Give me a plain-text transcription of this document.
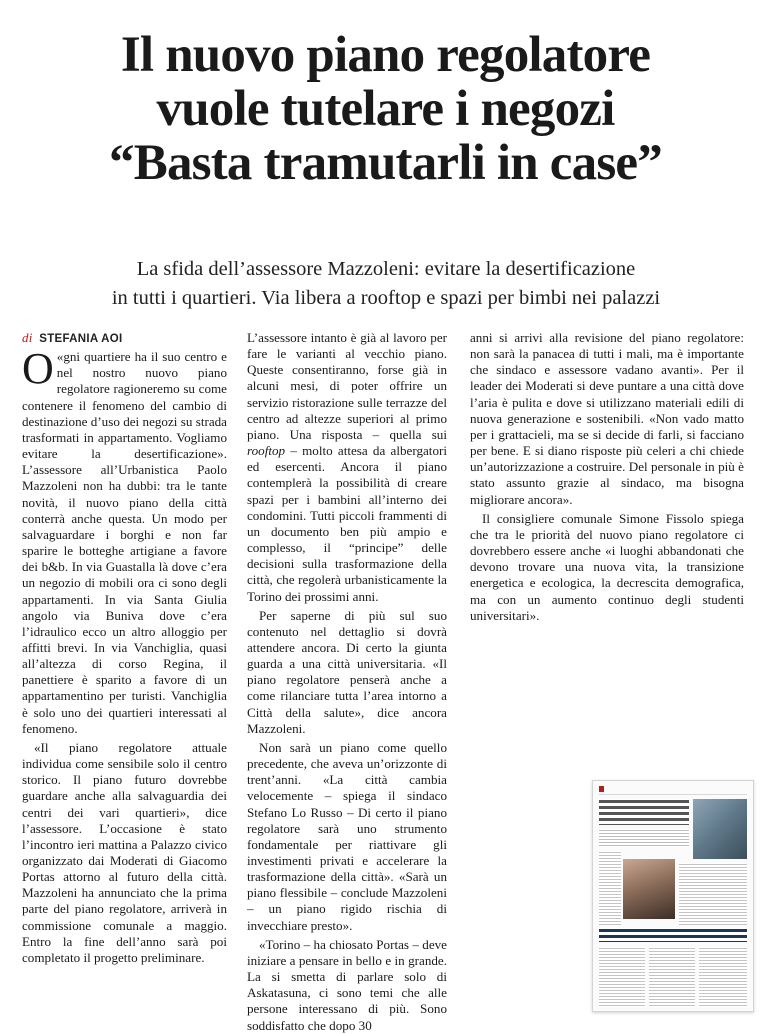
Il nuovo piano regolatore
vuole tutelare i negozi
“Basta tramutarli in case”
La sfida dell’assessore Mazzoleni: evitare la desertificazione
in tutti i quartieri. Via libera a rooftop e spazi per bimbi nei palazzi
di STEFANIA AOI

«
O gni quartiere ha il suo centro e nel nostro nuovo piano regolatore ragioneremo su come contenere il fenomeno del cambio di destinazione d’uso dei negozi su strada trasformati in appartamento. Vogliamo evitare la desertificazione». L’assessore all’Urbanistica Paolo Mazzoleni non ha dubbi: tra le tante novità, il nuovo piano della città conterrà anche questa. Un modo per salvaguardare i borghi e non far sparire le botteghe artigiane a favore dei b&b. In via Guastalla là dove c’era un negozio di mobili ora ci sono degli appartamenti. In via Santa Giulia angolo via Buniva dove c’era l’idraulico ecco un altro alloggio per affitti brevi. In via Vanchiglia, quasi all’altezza di corso Regina, il panettiere è sparito a favore di un appartamentino per turisti. Vanchiglia è solo uno dei quartieri interessati al fenomeno.

«Il piano regolatore attuale individua come sensibile solo il centro storico. Il piano futuro dovrebbe guardare anche alla salvaguardia dei centri dei vari quartieri», dice l’assessore. L’occasione è stato l’incontro ieri mattina a Palazzo civico organizzato dai Moderati di Giacomo Portas attorno al futuro della città. Mazzoleni ha annunciato che la prima parte del piano regolatore, arriverà in commissione comunale a maggio. Entro la fine dell’anno sarà poi completato il progetto preliminare.

L’assessore intanto è già al lavoro per fare le varianti al vecchio piano. Queste consentiranno, forse già in alcuni mesi, di poter offrire un servizio ristorazione sulle terrazze del centro ad altezze superiori al primo piano. Una risposta – quella sui rooftop – molto attesa da albergatori ed esercenti. Ancora il piano contemplerà la possibilità di creare spazi per i bambini all’interno dei condomini. Tutti piccoli frammenti di un documento ben più ampio e complesso, il “principe” delle decisioni sulla trasformazione della città, che regolerà urbanisticamente la Torino dei prossimi anni.

Per saperne di più sul suo contenuto nel dettaglio si dovrà attendere ancora. Di certo la giunta guarda a una città universitaria. «Il piano regolatore penserà anche a come rilanciare tutta l’area intorno a Città della salute», dice ancora Mazzoleni.

Non sarà un piano come quello precedente, che aveva un’orizzonte di trent’anni. «La città cambia velocemente – spiega il sindaco Stefano Lo Russo – Di certo il piano regolatore sarà uno strumento fondamentale per riattivare gli investimenti privati e accelerare la trasformazione della città». «Sarà un piano flessibile – conclude Mazzoleni – un piano rigido rischia di invecchiare presto».

«Torino – ha chiosato Portas – deve iniziare a pensare in bello e in grande. La si smetta di parlare solo di Askatasuna, ci sono temi che alle persone interessano di più. Sono soddisfatto che dopo 30

anni si arrivi alla revisione del piano regolatore: non sarà la panacea di tutti i mali, ma è importante che sindaco e assessore vadano avanti». Per il leader dei Moderati si deve puntare a una città dove l’aria è pulita e dove si utilizzano materiali edili di nuova generazione e sostenibili. «Non vado matto per i grattacieli, ma se si decide di farli, si facciano per bene. E si diano risposte più celeri a chi chiede un’autorizzazione a costruire. Del personale in più è stato assunto grazie al sindaco, ma bisogna migliorare ancora».

Il consigliere comunale Simone Fissolo spiega che tra le priorità del nuovo piano regolatore ci dovrebbero essere anche «i luoghi abbandonati che devono trovare una nuova vita, la transizione energetica e ecologica, la decrescita demografica, ma con un aumento continuo degli studenti universitari».
